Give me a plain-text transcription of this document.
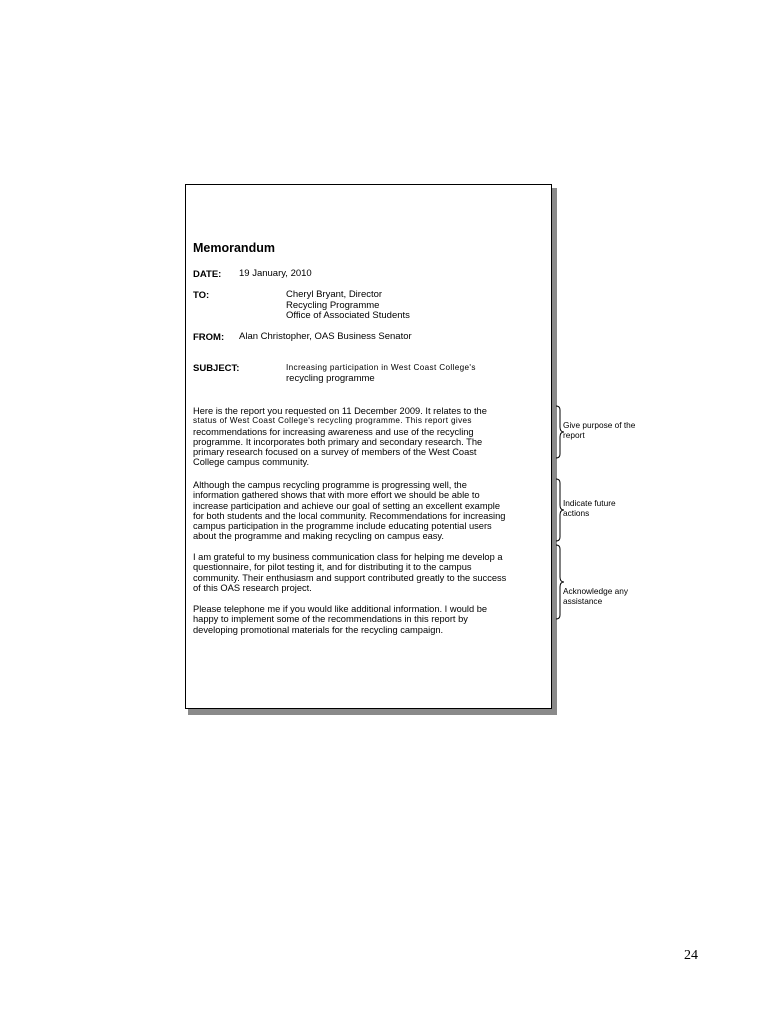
Memorandum
DATE: 19 January, 2010
TO:	Cheryl Bryant, Director
Recycling Programme
Office of Associated Students
FROM: Alan Christopher, OAS Business Senator
SUBJECT:	Increasing participation in West Coast College's
recycling programme
Here is the report you requested on 11 December 2009. It relates to the
status of West Coast College's recycling programme. This report gives
recommendations for increasing awareness and use of the recycling
programme. It incorporates both primary and secondary research. The
primary research focused on a survey of members of the West Coast
College campus community.
Although the campus recycling programme is progressing well, the
information gathered shows that with more effort we should be able to
increase participation and achieve our goal of setting an excellent example
for both students and the local community. Recommendations for increasing
campus participation in the programme include educating potential users
about the programme and making recycling on campus easy.
I am grateful to my business communication class for helping me develop a
questionnaire, for pilot testing it, and for distributing it to the campus
community. Their enthusiasm and support contributed greatly to the success
of this OAS research project.
Please telephone me if you would like additional information. I would be
happy to implement some of the recommendations in this report by
developing promotional materials for the recycling campaign.
Give purpose of the
report
Indicate future
actions
Acknowledge any
assistance
24
